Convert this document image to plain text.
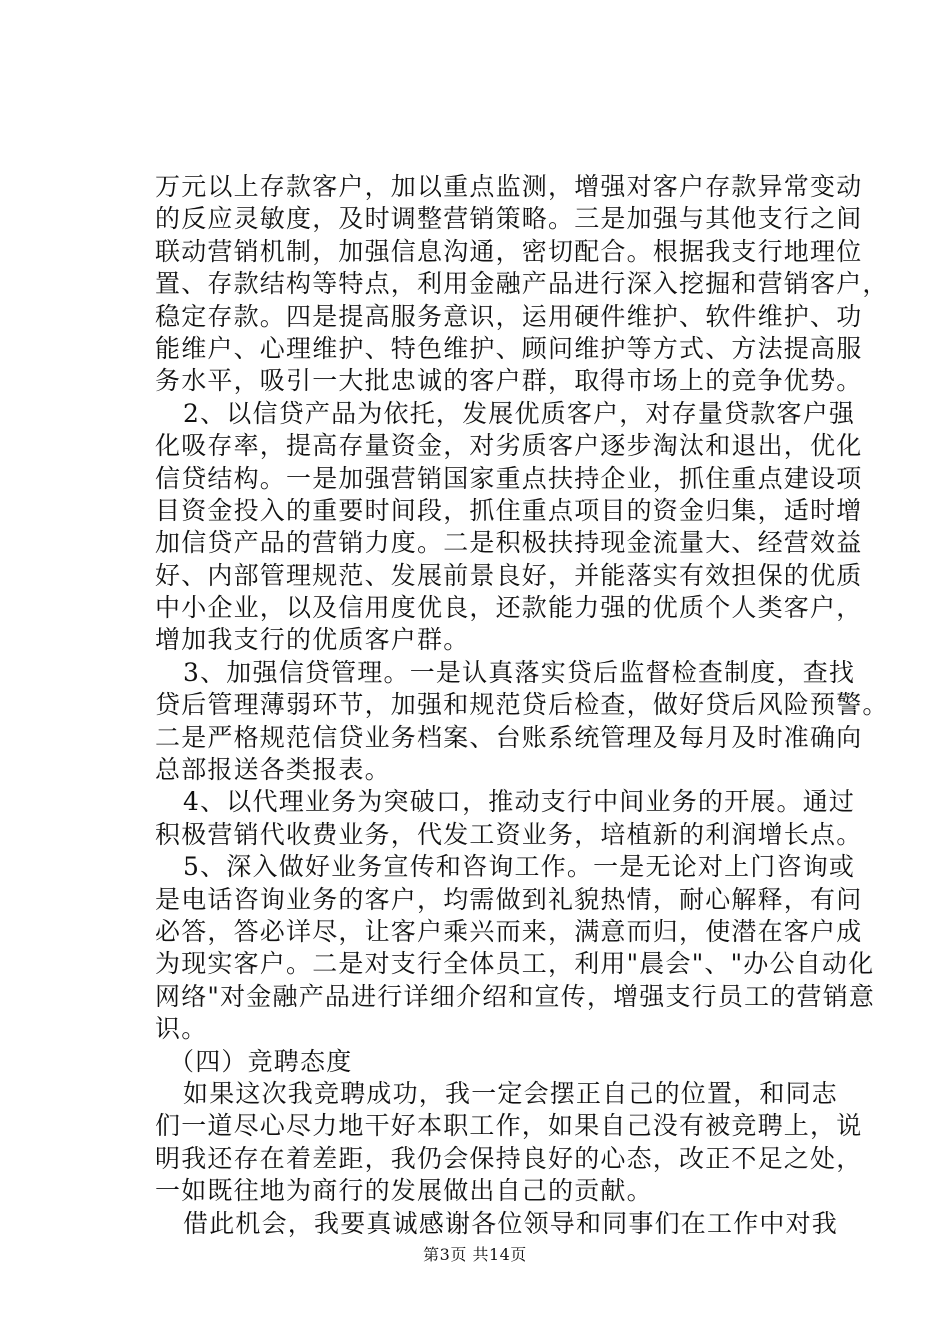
万元以上存款客户，加以重点监测，增强对客户存款异常变动
的反应灵敏度，及时调整营销策略。三是加强与其他支行之间
联动营销机制，加强信息沟通，密切配合。根据我支行地理位
置、存款结构等特点，利用金融产品进行深入挖掘和营销客户，
稳定存款。四是提高服务意识，运用硬件维护、软件维护、功
能维户、心理维护、特色维护、顾问维护等方式、方法提高服
务水平，吸引一大批忠诚的客户群，取得市场上的竞争优势。
2、以信贷产品为依托，发展优质客户，对存量贷款客户强
化吸存率，提高存量资金，对劣质客户逐步淘汰和退出，优化
信贷结构。一是加强营销国家重点扶持企业，抓住重点建设项
目资金投入的重要时间段，抓住重点项目的资金归集，适时增
加信贷产品的营销力度。二是积极扶持现金流量大、经营效益
好、内部管理规范、发展前景良好，并能落实有效担保的优质
中小企业，以及信用度优良，还款能力强的优质个人类客户，
增加我支行的优质客户群。
3、加强信贷管理。一是认真落实贷后监督检查制度，查找
贷后管理薄弱环节，加强和规范贷后检查，做好贷后风险预警。
二是严格规范信贷业务档案、台账系统管理及每月及时准确向
总部报送各类报表。
4、以代理业务为突破口，推动支行中间业务的开展。通过
积极营销代收费业务，代发工资业务，培植新的利润增长点。
5、深入做好业务宣传和咨询工作。一是无论对上门咨询或
是电话咨询业务的客户，均需做到礼貌热情，耐心解释，有问
必答，答必详尽，让客户乘兴而来，满意而归，使潜在客户成
为现实客户。二是对支行全体员工，利用"晨会"、"办公自动化
网络"对金融产品进行详细介绍和宣传，增强支行员工的营销意
识。
（四）竞聘态度
如果这次我竞聘成功，我一定会摆正自己的位置，和同志
们一道尽心尽力地干好本职工作，如果自己没有被竞聘上，说
明我还存在着差距，我仍会保持良好的心态，改正不足之处，
一如既往地为商行的发展做出自己的贡献。
借此机会，我要真诚感谢各位领导和同事们在工作中对我
第3页 共14页
